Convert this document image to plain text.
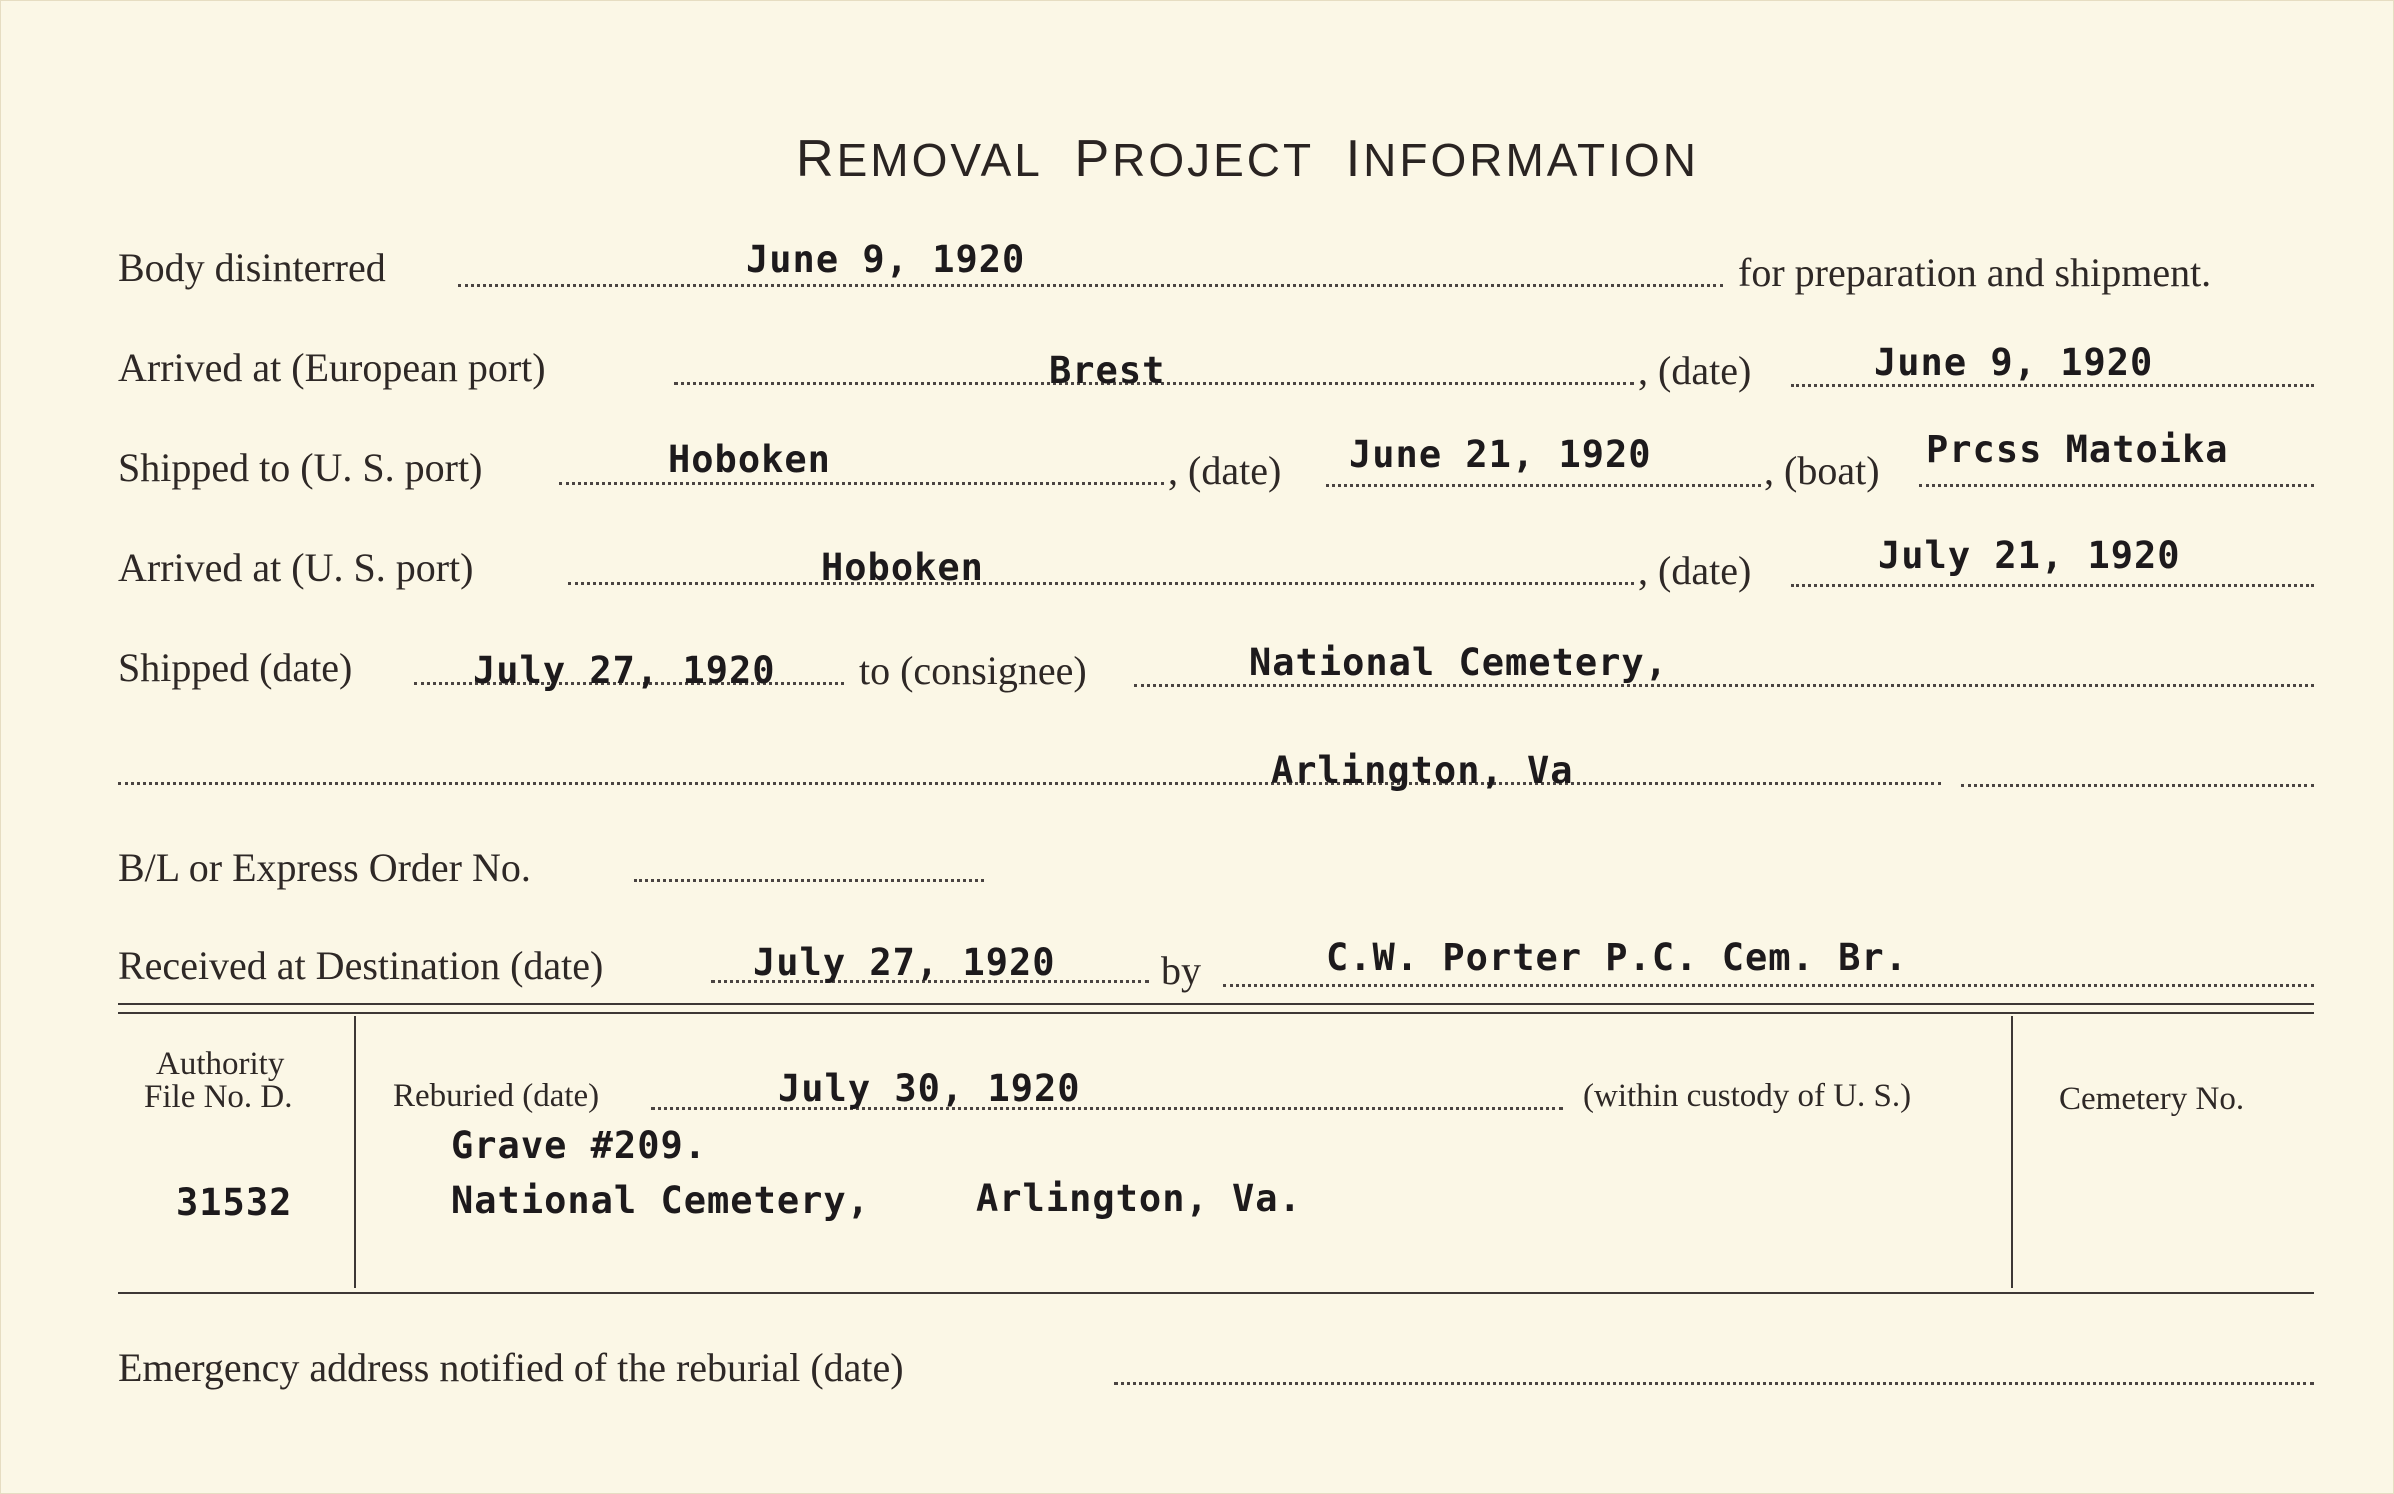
REMOVAL PROJECT INFORMATION
Body disinterred	June 9, 1920	for preparation and shipment.
Arrived at (European port)	Brest	, (date)	June 9, 1920
Shipped to (U. S. port)	Hoboken	, (date) June 21, 1920	, (boat) Prcss Matoika
Arrived at (U. S. port)	Hoboken	, (date)	July 21, 1920
Shipped (date)	July 27, 1920 to (consignee)	National Cemetery,
Arlington, Va
B/L or Express Order No.
Received at Destination (date)	July 27, 1920	by	C.W. Porter P.C. Cem. Br.
Authority
File No. D.
31532
Reburied (date)	July 30, 1920	(within custody of U. S.)
Grave #209.
National Cemetery,	Arlington, Va.
Cemetery No.
Emergency address notified of the reburial (date)
